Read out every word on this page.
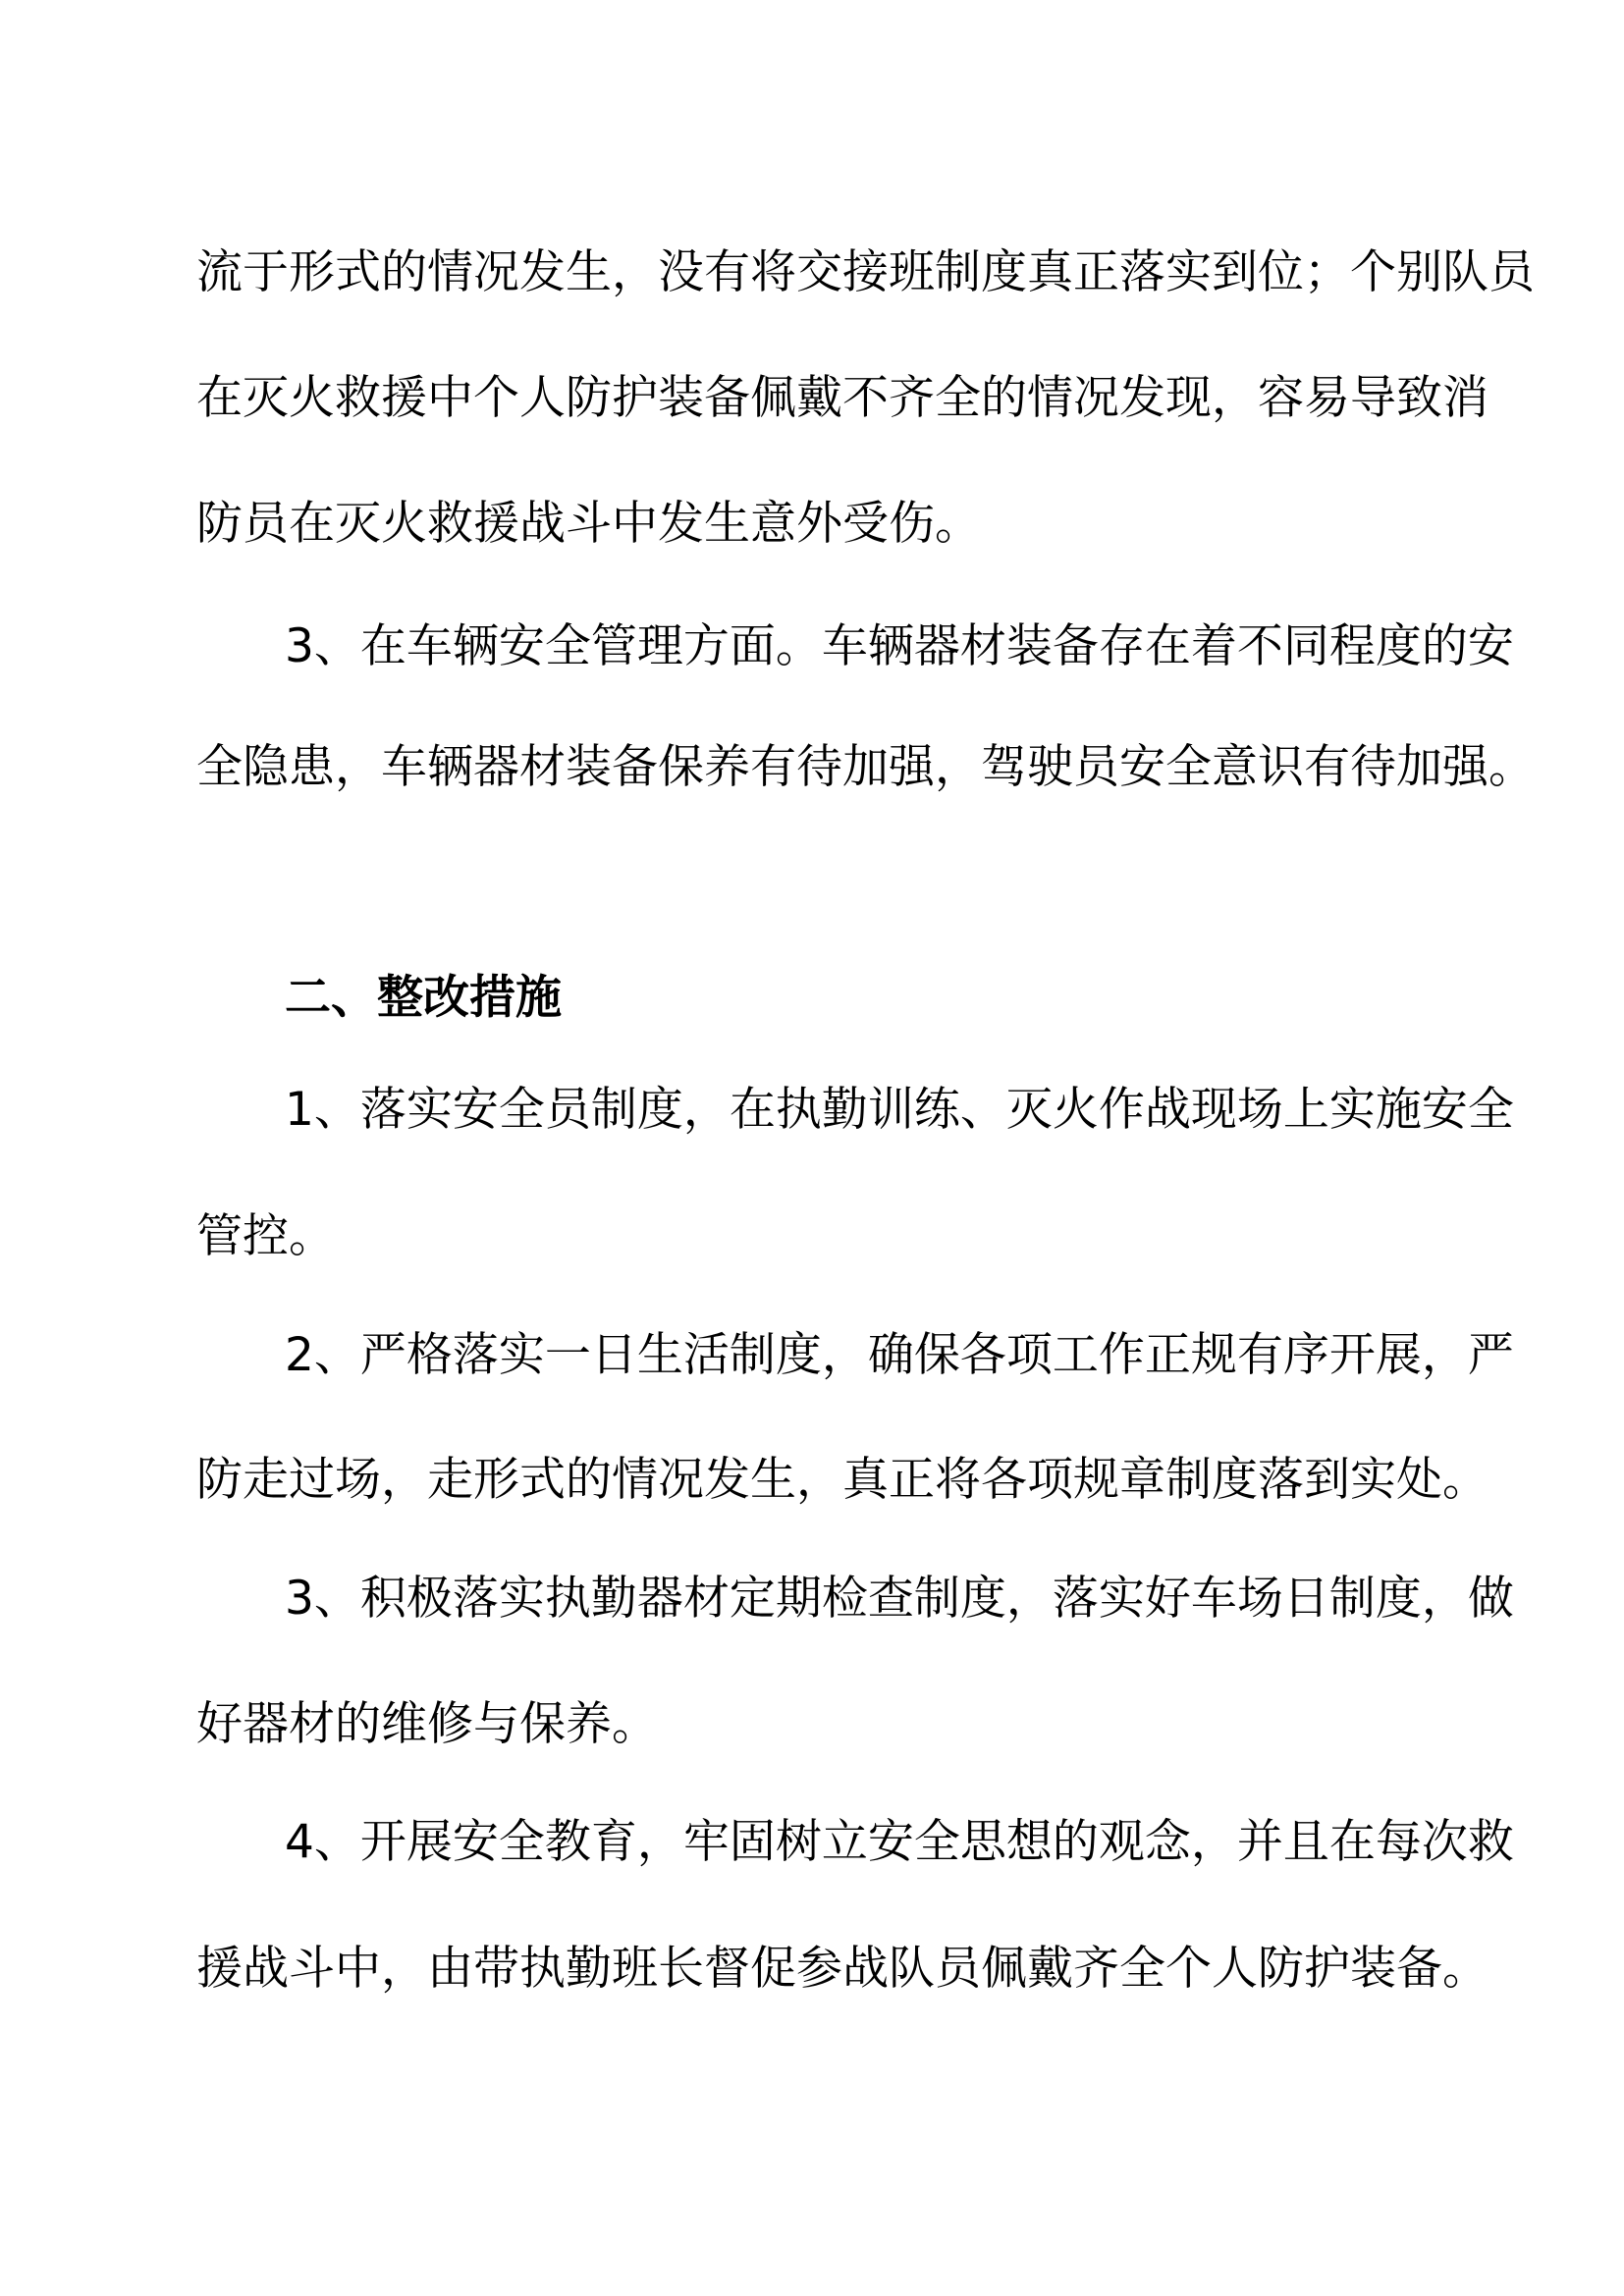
流于形式的情况发生，没有将交接班制度真正落实到位；个别队员
在灭火救援中个人防护装备佩戴不齐全的情况发现，容易导致消
防员在灭火救援战斗中发生意外受伤。
3、在车辆安全管理方面。车辆器材装备存在着不同程度的安
全隐患，车辆器材装备保养有待加强，驾驶员安全意识有待加强。
二、整改措施
1、落实安全员制度，在执勤训练、灭火作战现场上实施安全
管控。
2、严格落实一日生活制度，确保各项工作正规有序开展，严
防走过场，走形式的情况发生，真正将各项规章制度落到实处。
3、积极落实执勤器材定期检查制度，落实好车场日制度，做
好器材的维修与保养。
4、开展安全教育，牢固树立安全思想的观念，并且在每次救
援战斗中，由带执勤班长督促参战队员佩戴齐全个人防护装备。
